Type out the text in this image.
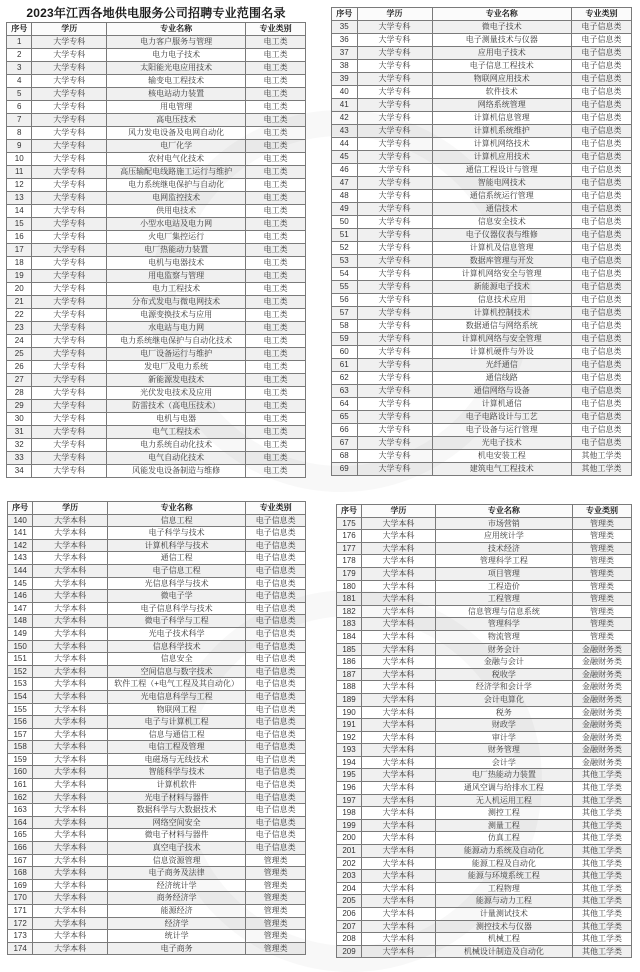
2023年江西各地供电服务公司招聘专业范围名录
序号	学历	专业名称	专业类别
1	大学专科	电力客户服务与管理	电工类
2	大学专科	电力电子技术	电工类
3	大学专科	太阳能光电应用技术	电工类
4	大学专科	输变电工程技术	电工类
5	大学专科	核电站动力装置	电工类
6	大学专科	用电管理	电工类
7	大学专科	高电压技术	电工类
8	大学专科	风力发电设备及电网自动化	电工类
9	大学专科	电厂化学	电工类
10	大学专科	农村电气化技术	电工类
11	大学专科	高压输配电线路施工运行与维护	电工类
12	大学专科	电力系统继电保护与自动化	电工类
13	大学专科	电网监控技术	电工类
14	大学专科	供用电技术	电工类
15	大学专科	小型水电站及电力网	电工类
16	大学专科	火电厂集控运行	电工类
17	大学专科	电厂热能动力装置	电工类
18	大学专科	电机与电器技术	电工类
19	大学专科	用电监察与管理	电工类
20	大学专科	电力工程技术	电工类
21	大学专科	分布式发电与微电网技术	电工类
22	大学专科	电源变换技术与应用	电工类
23	大学专科	水电站与电力网	电工类
24	大学专科	电力系统继电保护与自动化技术	电工类
25	大学专科	电厂设备运行与维护	电工类
26	大学专科	发电厂及电力系统	电工类
27	大学专科	新能源发电技术	电工类
28	大学专科	光伏发电技术及应用	电工类
29	大学专科	防雷技术（高电压技术）	电工类
30	大学专科	电机与电器	电工类
31	大学专科	电气工程技术	电工类
32	大学专科	电力系统自动化技术	电工类
33	大学专科	电气自动化技术	电工类
34	大学专科	风能发电设备制造与维修	电工类
序号	学历	专业名称	专业类别
35	大学专科	微电子技术	电子信息类
36	大学专科	电子测量技术与仪器	电子信息类
37	大学专科	应用电子技术	电子信息类
38	大学专科	电子信息工程技术	电子信息类
39	大学专科	物联网应用技术	电子信息类
40	大学专科	软件技术	电子信息类
41	大学专科	网络系统管理	电子信息类
42	大学专科	计算机信息管理	电子信息类
43	大学专科	计算机系统维护	电子信息类
44	大学专科	计算机网络技术	电子信息类
45	大学专科	计算机应用技术	电子信息类
46	大学专科	通信工程设计与管理	电子信息类
47	大学专科	智能电网技术	电子信息类
48	大学专科	通信系统运行管理	电子信息类
49	大学专科	通信技术	电子信息类
50	大学专科	信息安全技术	电子信息类
51	大学专科	电子仪器仪表与维修	电子信息类
52	大学专科	计算机及信息管理	电子信息类
53	大学专科	数据库管理与开发	电子信息类
54	大学专科	计算机网络安全与管理	电子信息类
55	大学专科	新能源电子技术	电子信息类
56	大学专科	信息技术应用	电子信息类
57	大学专科	计算机控制技术	电子信息类
58	大学专科	数据通信与网络系统	电子信息类
59	大学专科	计算机网络与安全管理	电子信息类
60	大学专科	计算机硬件与外设	电子信息类
61	大学专科	光纤通信	电子信息类
62	大学专科	通信线路	电子信息类
63	大学专科	通信网络与设备	电子信息类
64	大学专科	计算机通信	电子信息类
65	大学专科	电子电路设计与工艺	电子信息类
66	大学专科	电子设备与运行管理	电子信息类
67	大学专科	光电子技术	电子信息类
68	大学专科	机电安装工程	其他工学类
69	大学专科	建筑电气工程技术	其他工学类
序号	学历	专业名称	专业类别
140	大学本科	信息工程	电子信息类
141	大学本科	电子科学与技术	电子信息类
142	大学本科	计算机科学与技术	电子信息类
143	大学本科	通信工程	电子信息类
144	大学本科	电子信息工程	电子信息类
145	大学本科	光信息科学与技术	电子信息类
146	大学本科	微电子学	电子信息类
147	大学本科	电子信息科学与技术	电子信息类
148	大学本科	微电子科学与工程	电子信息类
149	大学本科	光电子技术科学	电子信息类
150	大学本科	信息科学技术	电子信息类
151	大学本科	信息安全	电子信息类
152	大学本科	空间信息与数字技术	电子信息类
153	大学本科	软件工程（+电气工程及其自动化）	电子信息类
154	大学本科	光电信息科学与工程	电子信息类
155	大学本科	物联网工程	电子信息类
156	大学本科	电子与计算机工程	电子信息类
157	大学本科	信息与通信工程	电子信息类
158	大学本科	电信工程及管理	电子信息类
159	大学本科	电磁场与无线技术	电子信息类
160	大学本科	智能科学与技术	电子信息类
161	大学本科	计算机软件	电子信息类
162	大学本科	光电子材料与器件	电子信息类
163	大学本科	数据科学与大数据技术	电子信息类
164	大学本科	网络空间安全	电子信息类
165	大学本科	微电子材料与器件	电子信息类
166	大学本科	真空电子技术	电子信息类
167	大学本科	信息资源管理	管理类
168	大学本科	电子商务及法律	管理类
169	大学本科	经济统计学	管理类
170	大学本科	商务经济学	管理类
171	大学本科	能源经济	管理类
172	大学本科	经济学	管理类
173	大学本科	统计学	管理类
174	大学本科	电子商务	管理类
序号	学历	专业名称	专业类别
175	大学本科	市场营销	管理类
176	大学本科	应用统计学	管理类
177	大学本科	技术经济	管理类
178	大学本科	管理科学工程	管理类
179	大学本科	项目管理	管理类
180	大学本科	工程造价	管理类
181	大学本科	工程管理	管理类
182	大学本科	信息管理与信息系统	管理类
183	大学本科	管理科学	管理类
184	大学本科	物流管理	管理类
185	大学本科	财务会计	金融财务类
186	大学本科	金融与会计	金融财务类
187	大学本科	税收学	金融财务类
188	大学本科	经济学和会计学	金融财务类
189	大学本科	会计电算化	金融财务类
190	大学本科	税务	金融财务类
191	大学本科	财政学	金融财务类
192	大学本科	审计学	金融财务类
193	大学本科	财务管理	金融财务类
194	大学本科	会计学	金融财务类
195	大学本科	电厂热能动力装置	其他工学类
196	大学本科	通风空调与给排水工程	其他工学类
197	大学本科	无人机运用工程	其他工学类
198	大学本科	测控工程	其他工学类
199	大学本科	测量工程	其他工学类
200	大学本科	仿真工程	其他工学类
201	大学本科	能源动力系统及自动化	其他工学类
202	大学本科	能源工程及自动化	其他工学类
203	大学本科	能源与环境系统工程	其他工学类
204	大学本科	工程物理	其他工学类
205	大学本科	能源与动力工程	其他工学类
206	大学本科	计量测试技术	其他工学类
207	大学本科	测控技术与仪器	其他工学类
208	大学本科	机械工程	其他工学类
209	大学本科	机械设计制造及自动化	其他工学类
